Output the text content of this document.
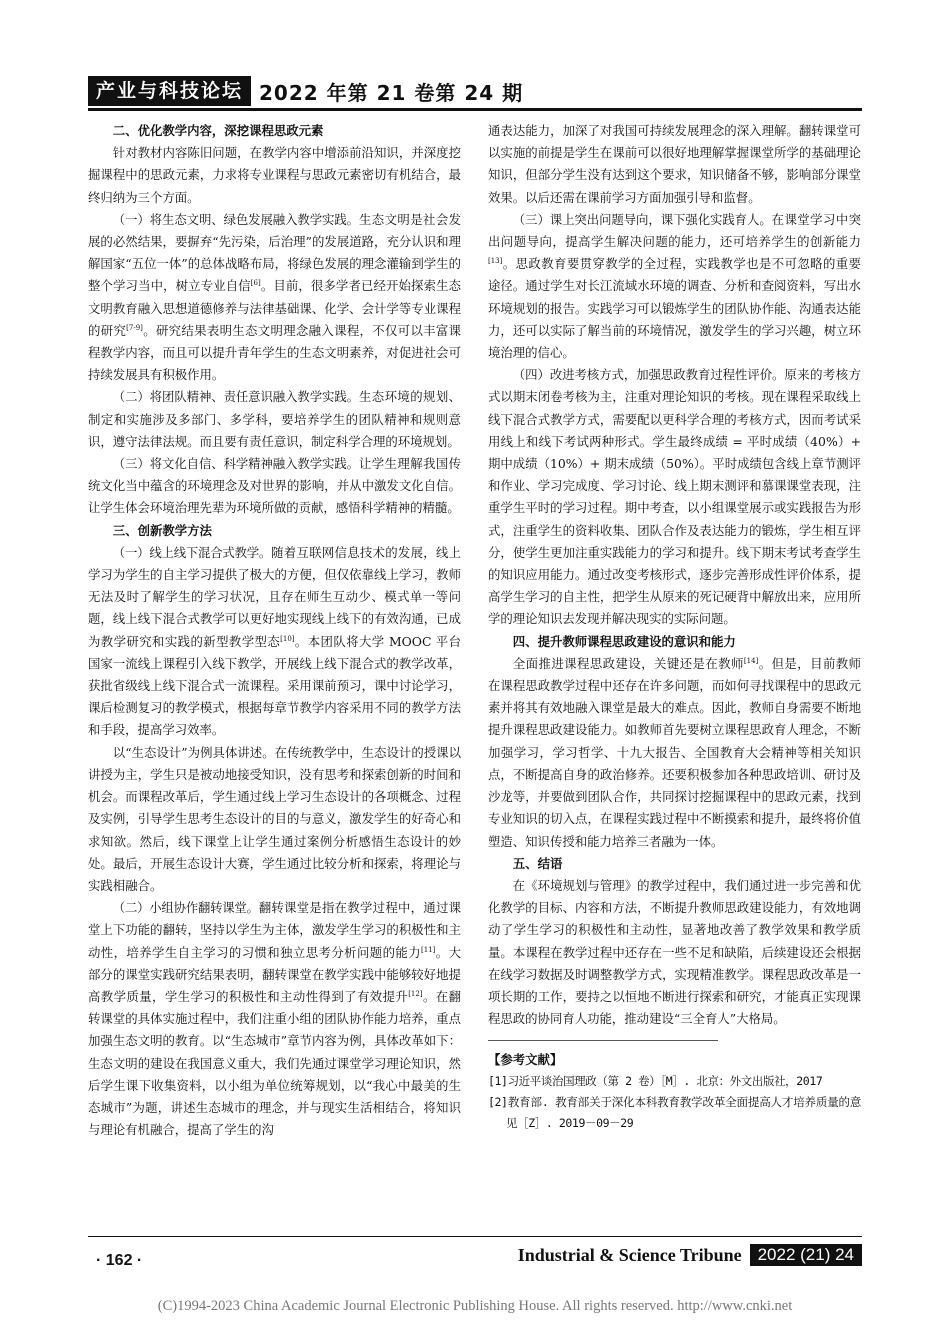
产业与科技论坛 2022 年第 21 卷第 24 期
二、优化教学内容，深挖课程思政元素

针对教材内容陈旧问题，在教学内容中增添前沿知识，并深度挖掘课程中的思政元素，力求将专业课程与思政元素密切有机结合，最终归纳为三个方面。

（一）将生态文明、绿色发展融入教学实践。生态文明是社会发展的必然结果，要摒弃“先污染，后治理”的发展道路，充分认识和理解国家“五位一体”的总体战略布局，将绿色发展的理念灌输到学生的整个学习当中，树立专业自信[6]。目前，很多学者已经开始探索生态文明教育融入思想道德修养与法律基础课、化学、会计学等专业课程的研究[7-9]。研究结果表明生态文明理念融入课程，不仅可以丰富课程教学内容，而且可以提升青年学生的生态文明素养，对促进社会可持续发展具有积极作用。

（二）将团队精神、责任意识融入教学实践。生态环境的规划、制定和实施涉及多部门、多学科，要培养学生的团队精神和规则意识，遵守法律法规。而且要有责任意识，制定科学合理的环境规划。

（三）将文化自信、科学精神融入教学实践。让学生理解我国传统文化当中蕴含的环境理念及对世界的影响，并从中激发文化自信。让学生体会环境治理先辈为环境所做的贡献，感悟科学精神的精髓。

三、创新教学方法

（一）线上线下混合式教学。随着互联网信息技术的发展，线上学习为学生的自主学习提供了极大的方便，但仅依靠线上学习，教师无法及时了解学生的学习状况，且存在师生互动少、模式单一等问题，线上线下混合式教学可以更好地实现线上线下的有效沟通，已成为教学研究和实践的新型教学型态[10]。本团队将大学 MOOC 平台国家一流线上课程引入线下教学，开展线上线下混合式的教学改革，获批省级线上线下混合式一流课程。采用课前预习，课中讨论学习，课后检测复习的教学模式，根据每章节教学内容采用不同的教学方法和手段，提高学习效率。

以“生态设计”为例具体讲述。在传统教学中，生态设计的授课以讲授为主，学生只是被动地接受知识，没有思考和探索创新的时间和机会。而课程改革后，学生通过线上学习生态设计的各项概念、过程及实例，引导学生思考生态设计的目的与意义，激发学生的好奇心和求知欲。然后，线下课堂上让学生通过案例分析感悟生态设计的妙处。最后，开展生态设计大赛，学生通过比较分析和探索，将理论与实践相融合。

（二）小组协作翻转课堂。翻转课堂是指在教学过程中，通过课堂上下功能的翻转，坚持以学生为主体，激发学生学习的积极性和主动性，培养学生自主学习的习惯和独立思考分析问题的能力[11]。大部分的课堂实践研究结果表明，翻转课堂在教学实践中能够较好地提高教学质量，学生学习的积极性和主动性得到了有效提升[12]。在翻转课堂的具体实施过程中，我们注重小组的团队协作能力培养，重点加强生态文明的教育。以“生态城市”章节内容为例，具体改革如下：生态文明的建设在我国意义重大，我们先通过课堂学习理论知识，然后学生课下收集资料，以小组为单位统筹规划，以“我心中最美的生态城市”为题，讲述生态城市的理念，并与现实生活相结合，将知识与理论有机融合，提高了学生的沟

通表达能力，加深了对我国可持续发展理念的深入理解。翻转课堂可以实施的前提是学生在课前可以很好地理解掌握课堂所学的基础理论知识，但部分学生没有达到这个要求，知识储备不够，影响部分课堂效果。以后还需在课前学习方面加强引导和监督。

（三）课上突出问题导向，课下强化实践育人。在课堂学习中突出问题导向，提高学生解决问题的能力，还可培养学生的创新能力[13]。思政教育要贯穿教学的全过程，实践教学也是不可忽略的重要途径。通过学生对长江流域水环境的调查、分析和查阅资料，写出水环境规划的报告。实践学习可以锻炼学生的团队协作能、沟通表达能力，还可以实际了解当前的环境情况，激发学生的学习兴趣，树立环境治理的信心。

（四）改进考核方式，加强思政教育过程性评价。原来的考核方式以期末闭卷考核为主，注重对理论知识的考核。现在课程采取线上线下混合式教学方式，需要配以更科学合理的考核方式，因而考试采用线上和线下考试两种形式。学生最终成绩 = 平时成绩（40%）+ 期中成绩（10%）+ 期末成绩（50%）。平时成绩包含线上章节测评和作业、学习完成度、学习讨论、线上期末测评和慕课课堂表现，注重学生平时的学习过程。期中考查，以小组课堂展示或实践报告为形式，注重学生的资料收集、团队合作及表达能力的锻炼，学生相互评分，使学生更加注重实践能力的学习和提升。线下期末考试考查学生的知识应用能力。通过改变考核形式，逐步完善形成性评价体系，提高学生学习的自主性，把学生从原来的死记硬背中解放出来，应用所学的理论知识去发现并解决现实的实际问题。

四、提升教师课程思政建设的意识和能力

全面推进课程思政建设，关键还是在教师[14]。但是，目前教师在课程思政教学过程中还存在许多问题，而如何寻找课程中的思政元素并将其有效地融入课堂是最大的难点。因此，教师自身需要不断地提升课程思政建设能力。如教师首先要树立课程思政育人理念，不断加强学习，学习哲学、十九大报告、全国教育大会精神等相关知识点，不断提高自身的政治修养。还要积极参加各种思政培训、研讨及沙龙等，并要做到团队合作，共同探讨挖掘课程中的思政元素，找到专业知识的切入点，在课程实践过程中不断摸索和提升，最终将价值塑造、知识传授和能力培养三者融为一体。

五、结语

在《环境规划与管理》的教学过程中，我们通过进一步完善和优化教学的目标、内容和方法，不断提升教师思政建设能力，有效地调动了学生学习的积极性和主动性，显著地改善了教学效果和教学质量。本课程在教学过程中还存在一些不足和缺陷，后续建设还会根据在线学习数据及时调整教学方式，实现精准教学。课程思政改革是一项长期的工作，要持之以恒地不断进行探索和研究，才能真正实现课程思政的协同育人功能，推动建设“三全育人”大格局。

【参考文献】

[1]习近平谈治国理政（第 2 卷）［M］. 北京：外文出版社，2017

[2]教育部. 教育部关于深化本科教育教学改革全面提高人才培养质量的意见［Z］. 2019－09－29

· 162 ·	Industrial & Science Tribune 2022 (21) 24
(C)1994-2023 China Academic Journal Electronic Publishing House. All rights reserved. http://www.cnki.net
